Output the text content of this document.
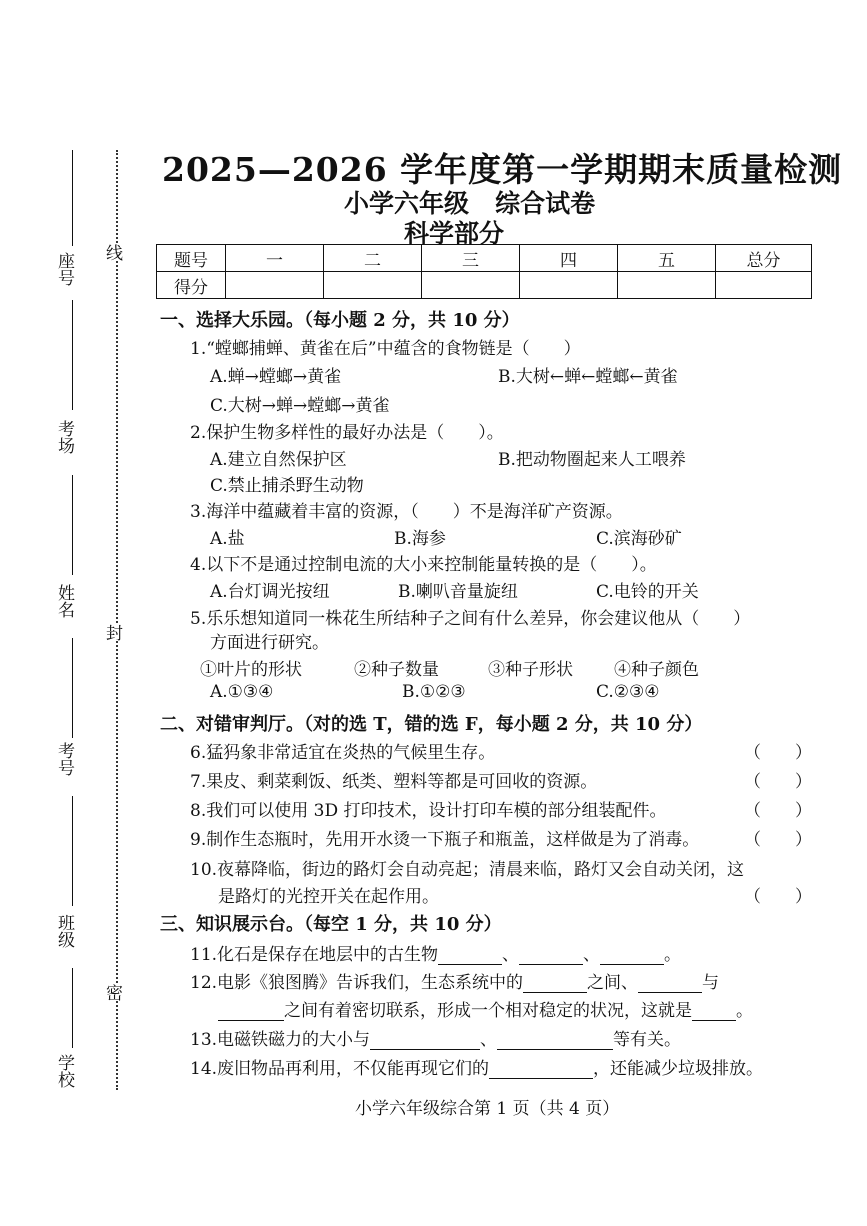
座号
考场
姓名
考号
班级
学校
线
封
密
2025—2026 学年度第一学期期末质量检测
小学六年级   综合试卷
科学部分
题号	一	二	三	四	五	总分
得分						
一、选择大乐园。（每小题 2 分，共 10 分）
1.“螳螂捕蝉、黄雀在后”中蕴含的食物链是（　　）
A.蝉→螳螂→黄雀	B.大树←蝉←螳螂←黄雀
C.大树→蝉→螳螂→黄雀
2.保护生物多样性的最好办法是（　　）。
A.建立自然保护区	B.把动物圈起来人工喂养
C.禁止捕杀野生动物
3.海洋中蕴藏着丰富的资源，（　　）不是海洋矿产资源。
A.盐	B.海参	C.滨海砂矿
4.以下不是通过控制电流的大小来控制能量转换的是（　　）。
A.台灯调光按纽	B.喇叭音量旋纽	C.电铃的开关
5.乐乐想知道同一株花生所结种子之间有什么差异，你会建议他从（　　）
方面进行研究。
①叶片的形状	②种子数量	③种子形状 ④种子颜色
A.①③④	B.①②③	C.②③④
二、对错审判厅。（对的选 T，错的选 F，每小题 2 分，共 10 分）
6.猛犸象非常适宜在炎热的气候里生存。	（　　）
7.果皮、剩菜剩饭、纸类、塑料等都是可回收的资源。	（　　）
8.我们可以使用 3D 打印技术，设计打印车模的部分组装配件。	（　　）
9.制作生态瓶时，先用开水烫一下瓶子和瓶盖，这样做是为了消毒。	（　　）
10.夜幕降临，街边的路灯会自动亮起；清晨来临，路灯又会自动关闭，这
是路灯的光控开关在起作用。	（　　）
三、知识展示台。（每空 1 分，共 10 分）
11.化石是保存在地层中的古生物	、	、	。
12.电影《狼图腾》告诉我们，生态系统中的	之间、	与
之间有着密切联系，形成一个相对稳定的状况，这就是	。
13.电磁铁磁力的大小与	、	等有关。
14.废旧物品再利用，不仅能再现它们的	，还能减少垃圾排放。
小学六年级综合第 1 页（共 4 页）
